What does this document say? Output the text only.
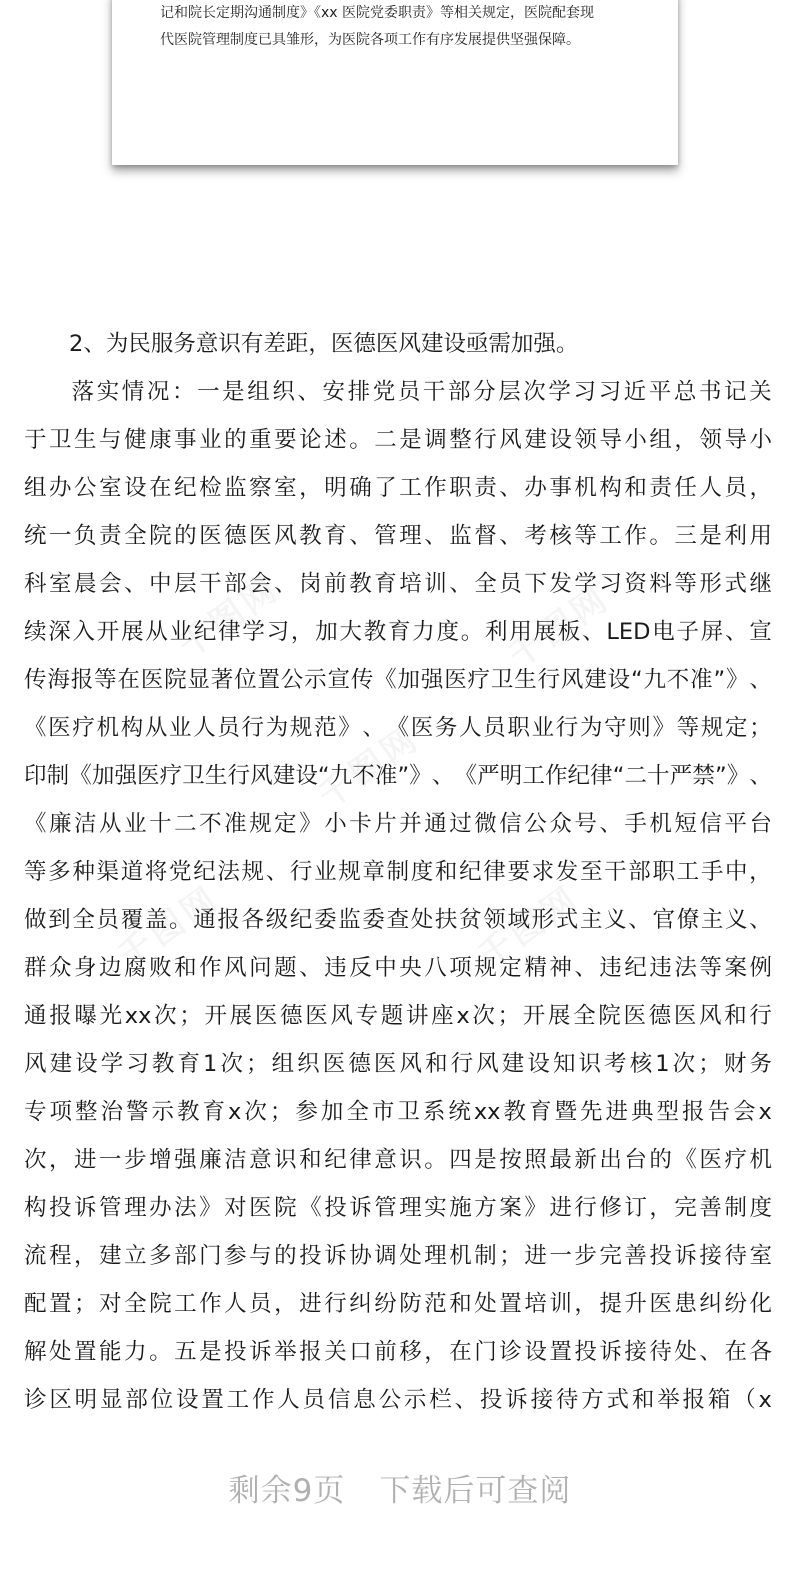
记和院长定期沟通制度》《xx 医院党委职责》等相关规定，医院配套现
代医院管理制度已具雏形，为医院各项工作有序发展提供坚强保障。
　　2、为民服务意识有差距，医德医风建设亟需加强。

落 实 情 况 ： 一 是 组 织 、 安 排 党 员 干 部 分 层 次 学 习 习 近 平 总 书 记 关
于 卫 生 与 健 康 事 业 的 重 要 论 述 。 二 是 调 整 行 风 建 设 领 导 小 组 ， 领 导 小
组 办 公 室 设 在 纪 检 监 察 室 ， 明 确 了 工 作 职 责 、 办 事 机 构 和 责 任 人 员 ，
统 一 负 责 全 院 的 医 德 医 风 教 育 、 管 理 、 监 督 、 考 核 等 工 作 。 三 是 利 用
科 室 晨 会 、 中 层 干 部 会 、 岗 前 教 育 培 训 、 全 员 下 发 学 习 资 料 等 形 式 继
续 深 入 开 展 从 业 纪 律 学 习 ， 加 大 教 育 力 度 。 利 用 展 板 、 LED 电 子 屏 、 宣
传 海 报 等 在 医 院 显 著 位 置 公 示 宣 传 《 加 强 医 疗 卫 生 行 风 建 设 “ 九 不 准 ” 》 、
《 医 疗 机 构 从 业 人 员 行 为 规 范 》 、 《 医 务 人 员 职 业 行 为 守 则 》 等 规 定 ；
印 制 《 加 强 医 疗 卫 生 行 风 建 设 “ 九 不 准 ” 》 、 《 严 明 工 作 纪 律 “ 二 十 严 禁 ” 》 、
《 廉 洁 从 业 十 二 不 准 规 定 》 小 卡 片 并 通 过 微 信 公 众 号 、 手 机 短 信 平 台
等 多 种 渠 道 将 党 纪 法 规 、 行 业 规 章 制 度 和 纪 律 要 求 发 至 干 部 职 工 手 中 ，
做 到 全 员 覆 盖 。 通 报 各 级 纪 委 监 委 查 处 扶 贫 领 域 形 式 主 义 、 官 僚 主 义 、
群 众 身 边 腐 败 和 作 风 问 题 、 违 反 中 央 八 项 规 定 精 神 、 违 纪 违 法 等 案 例
通 报 曝 光 xx 次 ； 开 展 医 德 医 风 专 题 讲 座 x 次 ； 开 展 全 院 医 德 医 风 和 行
风 建 设 学 习 教 育 1 次 ； 组 织 医 德 医 风 和 行 风 建 设 知 识 考 核 1 次 ； 财 务
专 项 整 治 警 示 教 育 x 次 ； 参 加 全 市 卫 系 统 xx 教 育 暨 先 进 典 型 报 告 会 x
次 ， 进 一 步 增 强 廉 洁 意 识 和 纪 律 意 识 。 四 是 按 照 最 新 出 台 的 《 医 疗 机
构 投 诉 管 理 办 法 》 对 医 院 《 投 诉 管 理 实 施 方 案 》 进 行 修 订 ， 完 善 制 度
流 程 ， 建 立 多 部 门 参 与 的 投 诉 协 调 处 理 机 制 ； 进 一 步 完 善 投 诉 接 待 室
配 置 ； 对 全 院 工 作 人 员 ， 进 行 纠 纷 防 范 和 处 置 培 训 ， 提 升 医 患 纠 纷 化
解 处 置 能 力 。 五 是 投 诉 举 报 关 口 前 移 ， 在 门 诊 设 置 投 诉 接 待 处 、 在 各
诊 区 明 显 部 位 设 置 工 作 人 员 信 息 公 示 栏 、 投 诉 接 待 方 式 和 举 报 箱 （ x
剩余9页 下载后可查阅
